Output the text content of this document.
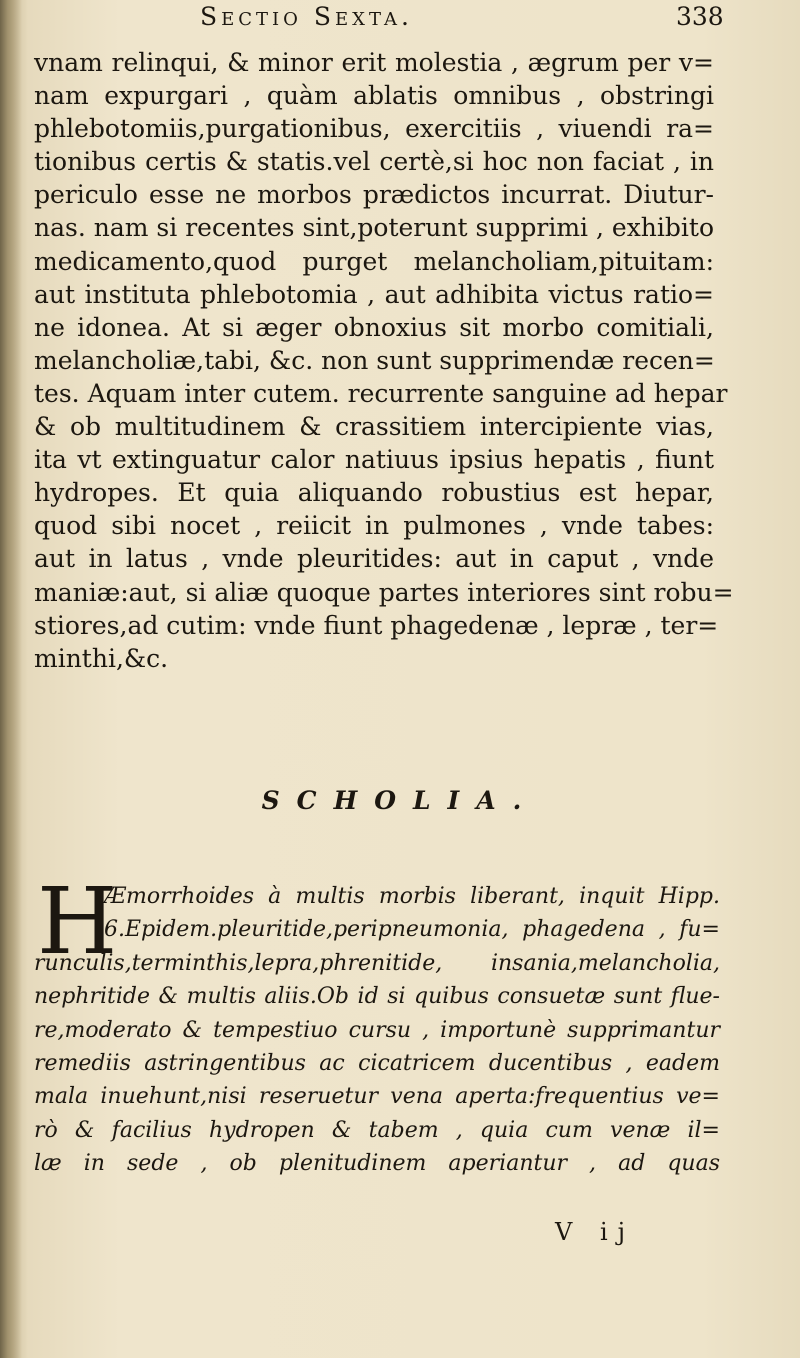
Sectio Sexta.	338
vnam relinqui, & minor erit molestia , ægrum per v=
nam expurgari , quàm ablatis omnibus , obstringi
phlebotomiis,purgationibus, exercitiis , viuendi ra=
tionibus certis & statis.vel certè,si hoc non faciat , in
periculo esse ne morbos prædictos incurrat. Diutur-
nas. nam si recentes sint,poterunt supprimi , exhibito
medicamento,quod purget melancholiam,pituitam:
aut instituta phlebotomia , aut adhibita victus ratio=
ne idonea. At si æger obnoxius sit morbo comitiali,
melancholiæ,tabi, &c. non sunt supprimendæ recen=
tes. Aquam inter cutem. recurrente sanguine ad hepar
& ob multitudinem & crassitiem intercipiente vias,
ita vt extinguatur calor natiuus ipsius hepatis , fiunt
hydropes. Et quia aliquando robustius est hepar,
quod sibi nocet , reiicit in pulmones , vnde tabes:
aut in latus , vnde pleuritides: aut in caput , vnde
maniæ:aut, si aliæ quoque partes interiores sint robu=
stiores,ad cutim: vnde fiunt phagedenæ , lepræ , ter=
minthi,&c.
SCHOLIA.
H
Æmorrhoides à multis morbis liberant, inquit Hipp.
6.Epidem.pleuritide,peripneumonia, phagedena , fu=
runculis,terminthis,lepra,phrenitide, insania,melancholia,
nephritide & multis aliis.Ob id si quibus consuetæ sunt flue-
re,moderato & tempestiuo cursu , importunè supprimantur
remediis astringentibus ac cicatricem ducentibus , eadem
mala inuehunt,nisi reseruetur vena aperta:frequentius ve=
rò & facilius hydropen & tabem , quia cum venæ il=
læ in sede , ob plenitudinem aperiantur , ad quas
V ij
